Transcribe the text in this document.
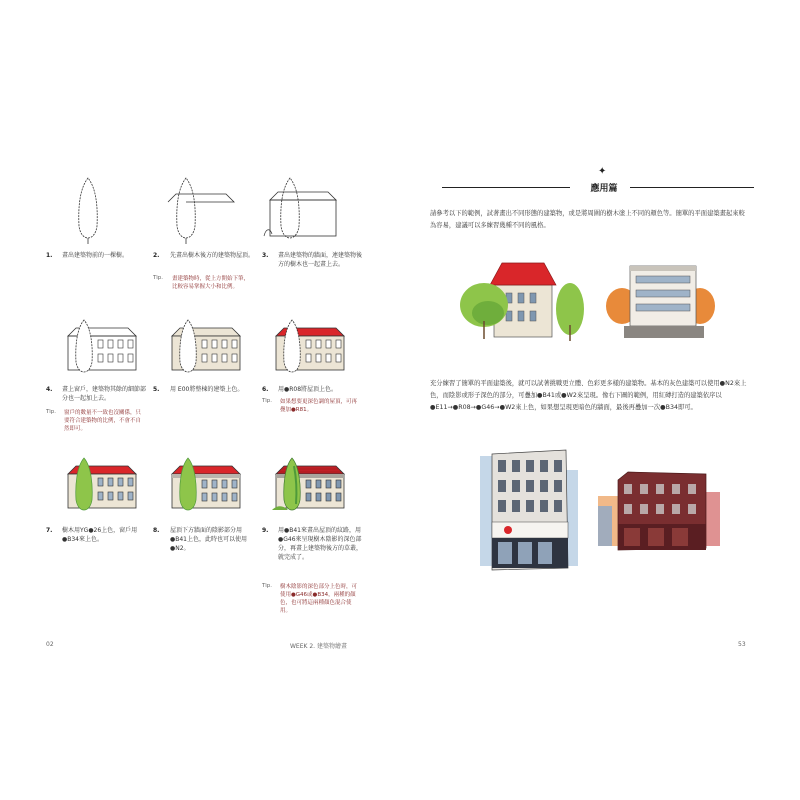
1. 畫出建築物前的一棵樹。	2. 先畫出樹木後方的建築物屋頂。
Tip. 畫建築物時，從上方開始下筆，比較容易掌握大小和比例。
3. 畫出建築物的牆面，連建築物後方的樹木也一起畫上去。
4. 畫上窗戶，建築物其餘的細節部分也一起加上去。
Tip. 窗戶的數量不一致也沒關係，只要符合建築物的比例，不會不自然即可。
5. 用 E00將整棟的建築上色。	6. 用●R08將屋頂上色。
Tip. 如果想要更深色調的屋頂，可再疊加●R81。
7. 樹木用YG●26上色，窗戶用●B34來上色。
8. 屋頂下方牆面的陰影部分用●B41上色，此時也可以使用●N2。
9. 用●B41來畫出屋頂的紋路，用●G46來呈現樹木陰影的深色部分，再畫上建築物後方的草叢，就完成了。
Tip. 樹木陰影的深色部分上色時，可使用●G46或●B34，兩種的顏色，也可將這兩種顏色混合使用。
02	WEEK 2. 建築物繪畫
✦
應用篇
請參考以下的範例，試著畫出不同形態的建築物，或是將周圍的樹木塗上不同的顏色等。簡單的平面建築畫起來較為容易，建議可以多練習幾種不同的風格。
充分練習了簡單的平面建築後，就可以試著挑戰更立體、色彩更多樣的建築物。基本的灰色建築可以使用●N2來上色，而陰影或形子深色的部分，可疊加●B41或●W2來呈現。像右下圖的範例，用紅磚打造的建築依序以●E11→●R08→●G46→●W2來上色，如果想呈現更暗色的牆面，最後再疊加一次●B34即可。
53
